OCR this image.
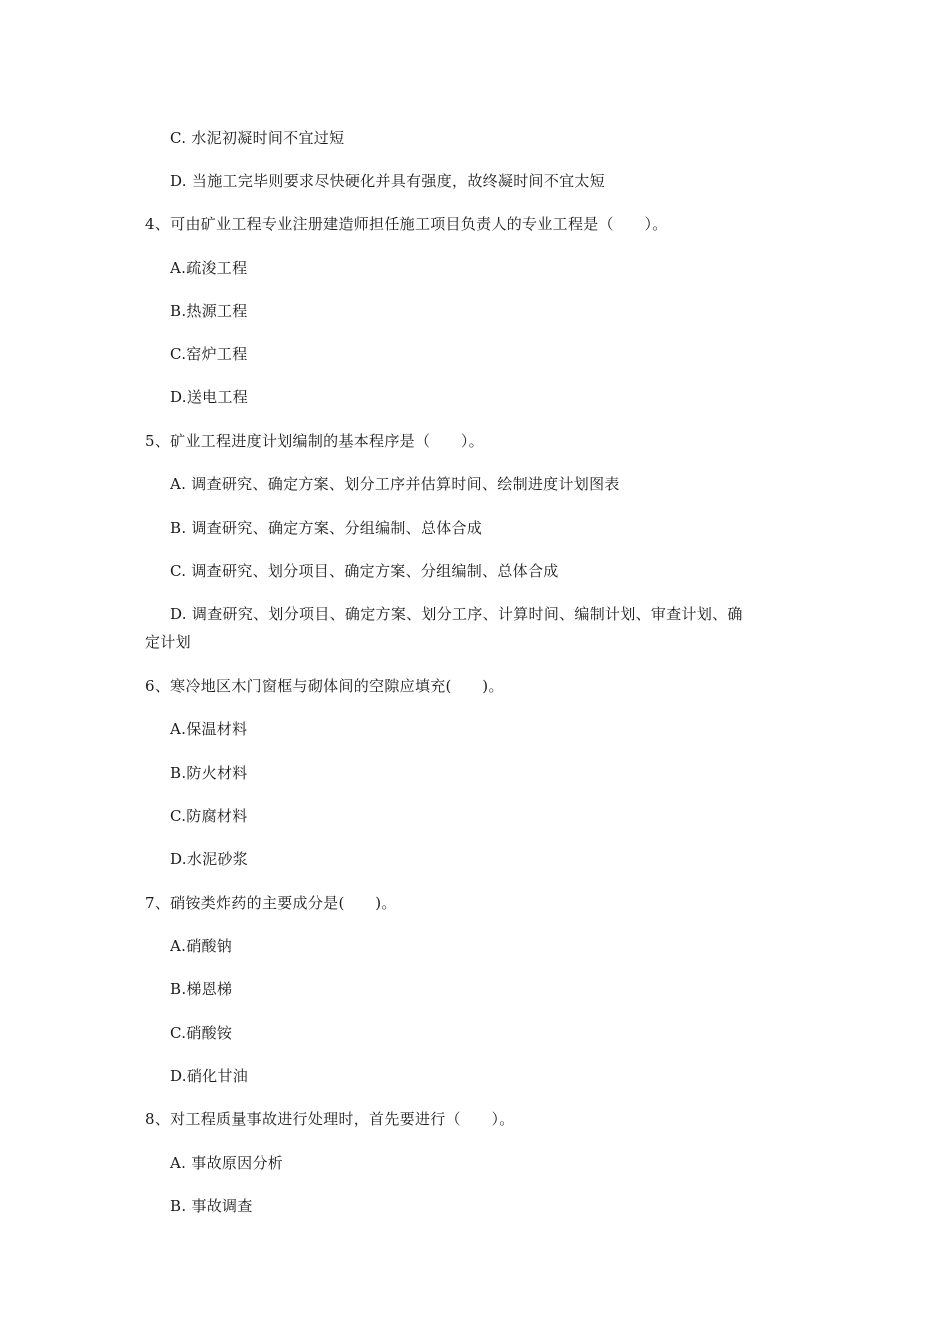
C. 水泥初凝时间不宜过短
D. 当施工完毕则要求尽快硬化并具有强度，故终凝时间不宜太短
4、可由矿业工程专业注册建造师担任施工项目负责人的专业工程是（　　）。
A.疏浚工程
B.热源工程
C.窑炉工程
D.送电工程
5、矿业工程进度计划编制的基本程序是（　　）。
A. 调查研究、确定方案、划分工序并估算时间、绘制进度计划图表
B. 调查研究、确定方案、分组编制、总体合成
C. 调查研究、划分项目、确定方案、分组编制、总体合成
D. 调查研究、划分项目、确定方案、划分工序、计算时间、编制计划、审查计划、确
定计划
6、寒冷地区木门窗框与砌体间的空隙应填充(　　)。
A.保温材料
B.防火材料
C.防腐材料
D.水泥砂浆
7、硝铵类炸药的主要成分是(　　)。
A.硝酸钠
B.梯恩梯
C.硝酸铵
D.硝化甘油
8、对工程质量事故进行处理时，首先要进行（　　）。
A. 事故原因分析
B. 事故调查
